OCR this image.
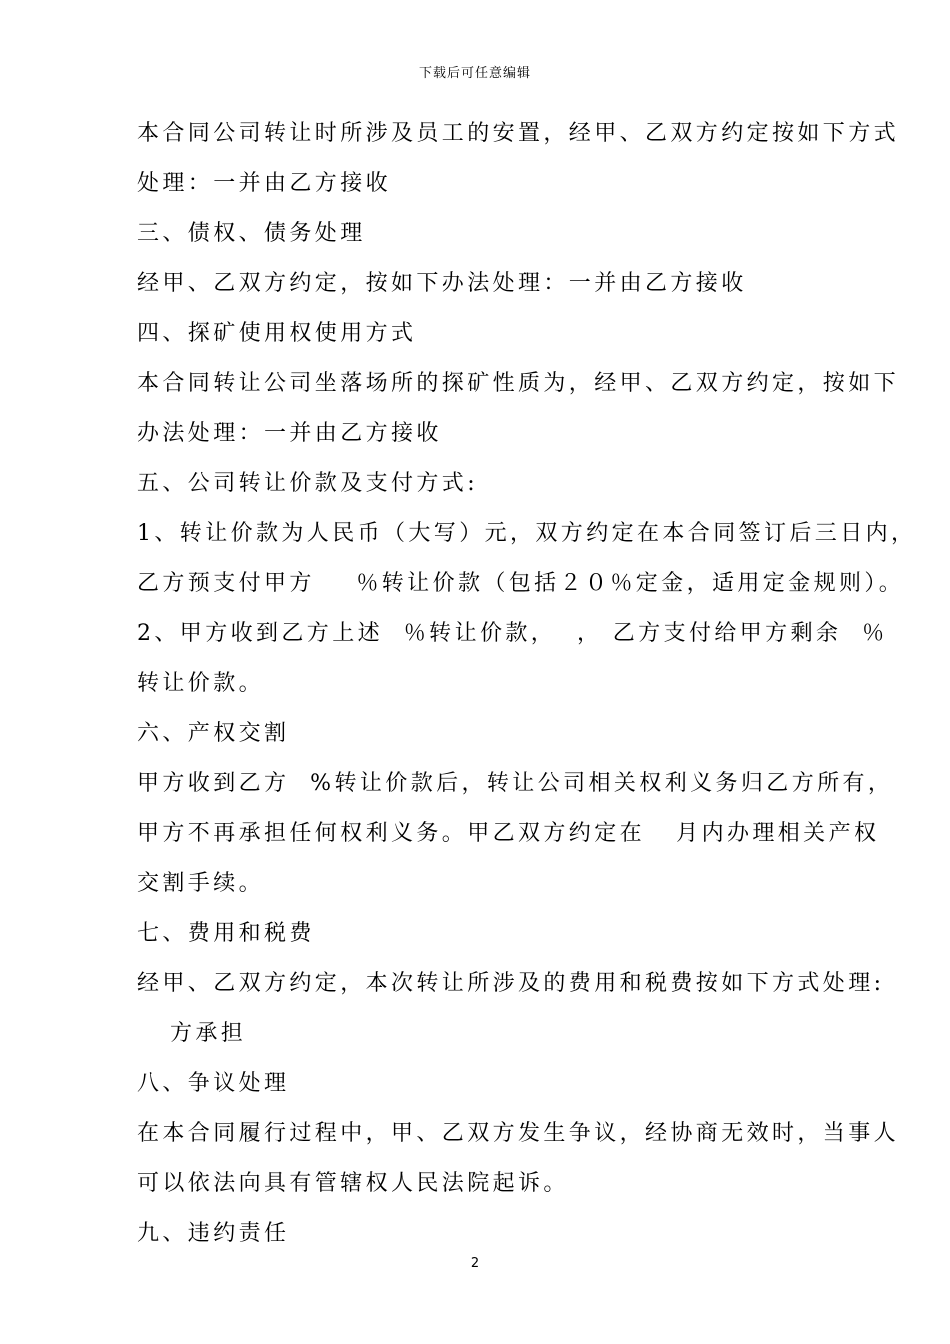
下载后可任意编辑
本合同公司转让时所涉及员工的安置，经甲、乙双方约定按如下方式
处理：一并由乙方接收
三、债权、债务处理
经甲、乙双方约定，按如下办法处理：一并由乙方接收
四、探矿使用权使用方式
本合同转让公司坐落场所的探矿性质为，经甲、乙双方约定，按如下
办法处理：一并由乙方接收
五、公司转让价款及支付方式:
1、转让价款为人民币（大写）元，双方约定在本合同签订后三日内，
乙方预支付甲方    ％转让价款（包括２０％定金，适用定金规则）。
2、甲方收到乙方上述  ％转让价款，  ， 乙方支付给甲方剩余  ％
转让价款。
六、产权交割
甲方收到乙方  %转让价款后，转让公司相关权利义务归乙方所有，
甲方不再承担任何权利义务。甲乙双方约定在   月内办理相关产权
交割手续。
七、费用和税费
经甲、乙双方约定，本次转让所涉及的费用和税费按如下方式处理:
方承担
八、争议处理
在本合同履行过程中，甲、乙双方发生争议，经协商无效时，当事人
可以依法向具有管辖权人民法院起诉。
九、违约责任
2
